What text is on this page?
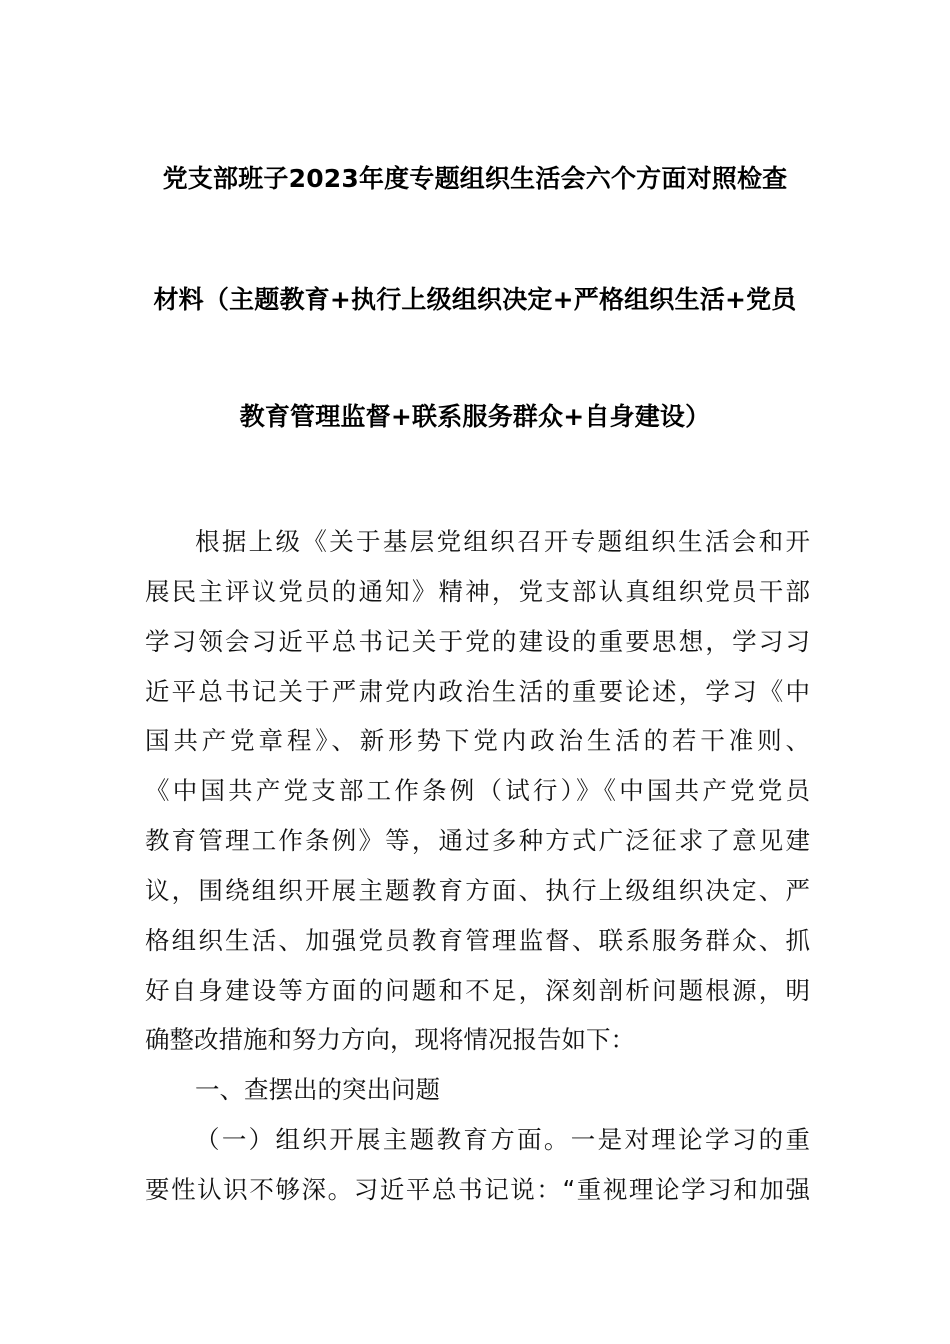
党支部班子2023年度专题组织生活会六个方面对照检查
材料（主题教育+执行上级组织决定+严格组织生活+党员
教育管理监督+联系服务群众+自身建设）
根据上级《关于基层党组织召开专题组织生活会和开
展民主评议党员的通知》精神，党支部认真组织党员干部
学习领会习近平总书记关于党的建设的重要思想，学习习
近平总书记关于严肃党内政治生活的重要论述，学习《中
国共产党章程》、新形势下党内政治生活的若干准则、
《中国共产党支部工作条例（试行）》《中国共产党党员
教育管理工作条例》等，通过多种方式广泛征求了意见建
议，围绕组织开展主题教育方面、执行上级组织决定、严
格组织生活、加强党员教育管理监督、联系服务群众、抓
好自身建设等方面的问题和不足，深刻剖析问题根源，明
确整改措施和努力方向，现将情况报告如下：
一、查摆出的突出问题
（一）组织开展主题教育方面。一是对理论学习的重
要性认识不够深。习近平总书记说：“重视理论学习和加强
